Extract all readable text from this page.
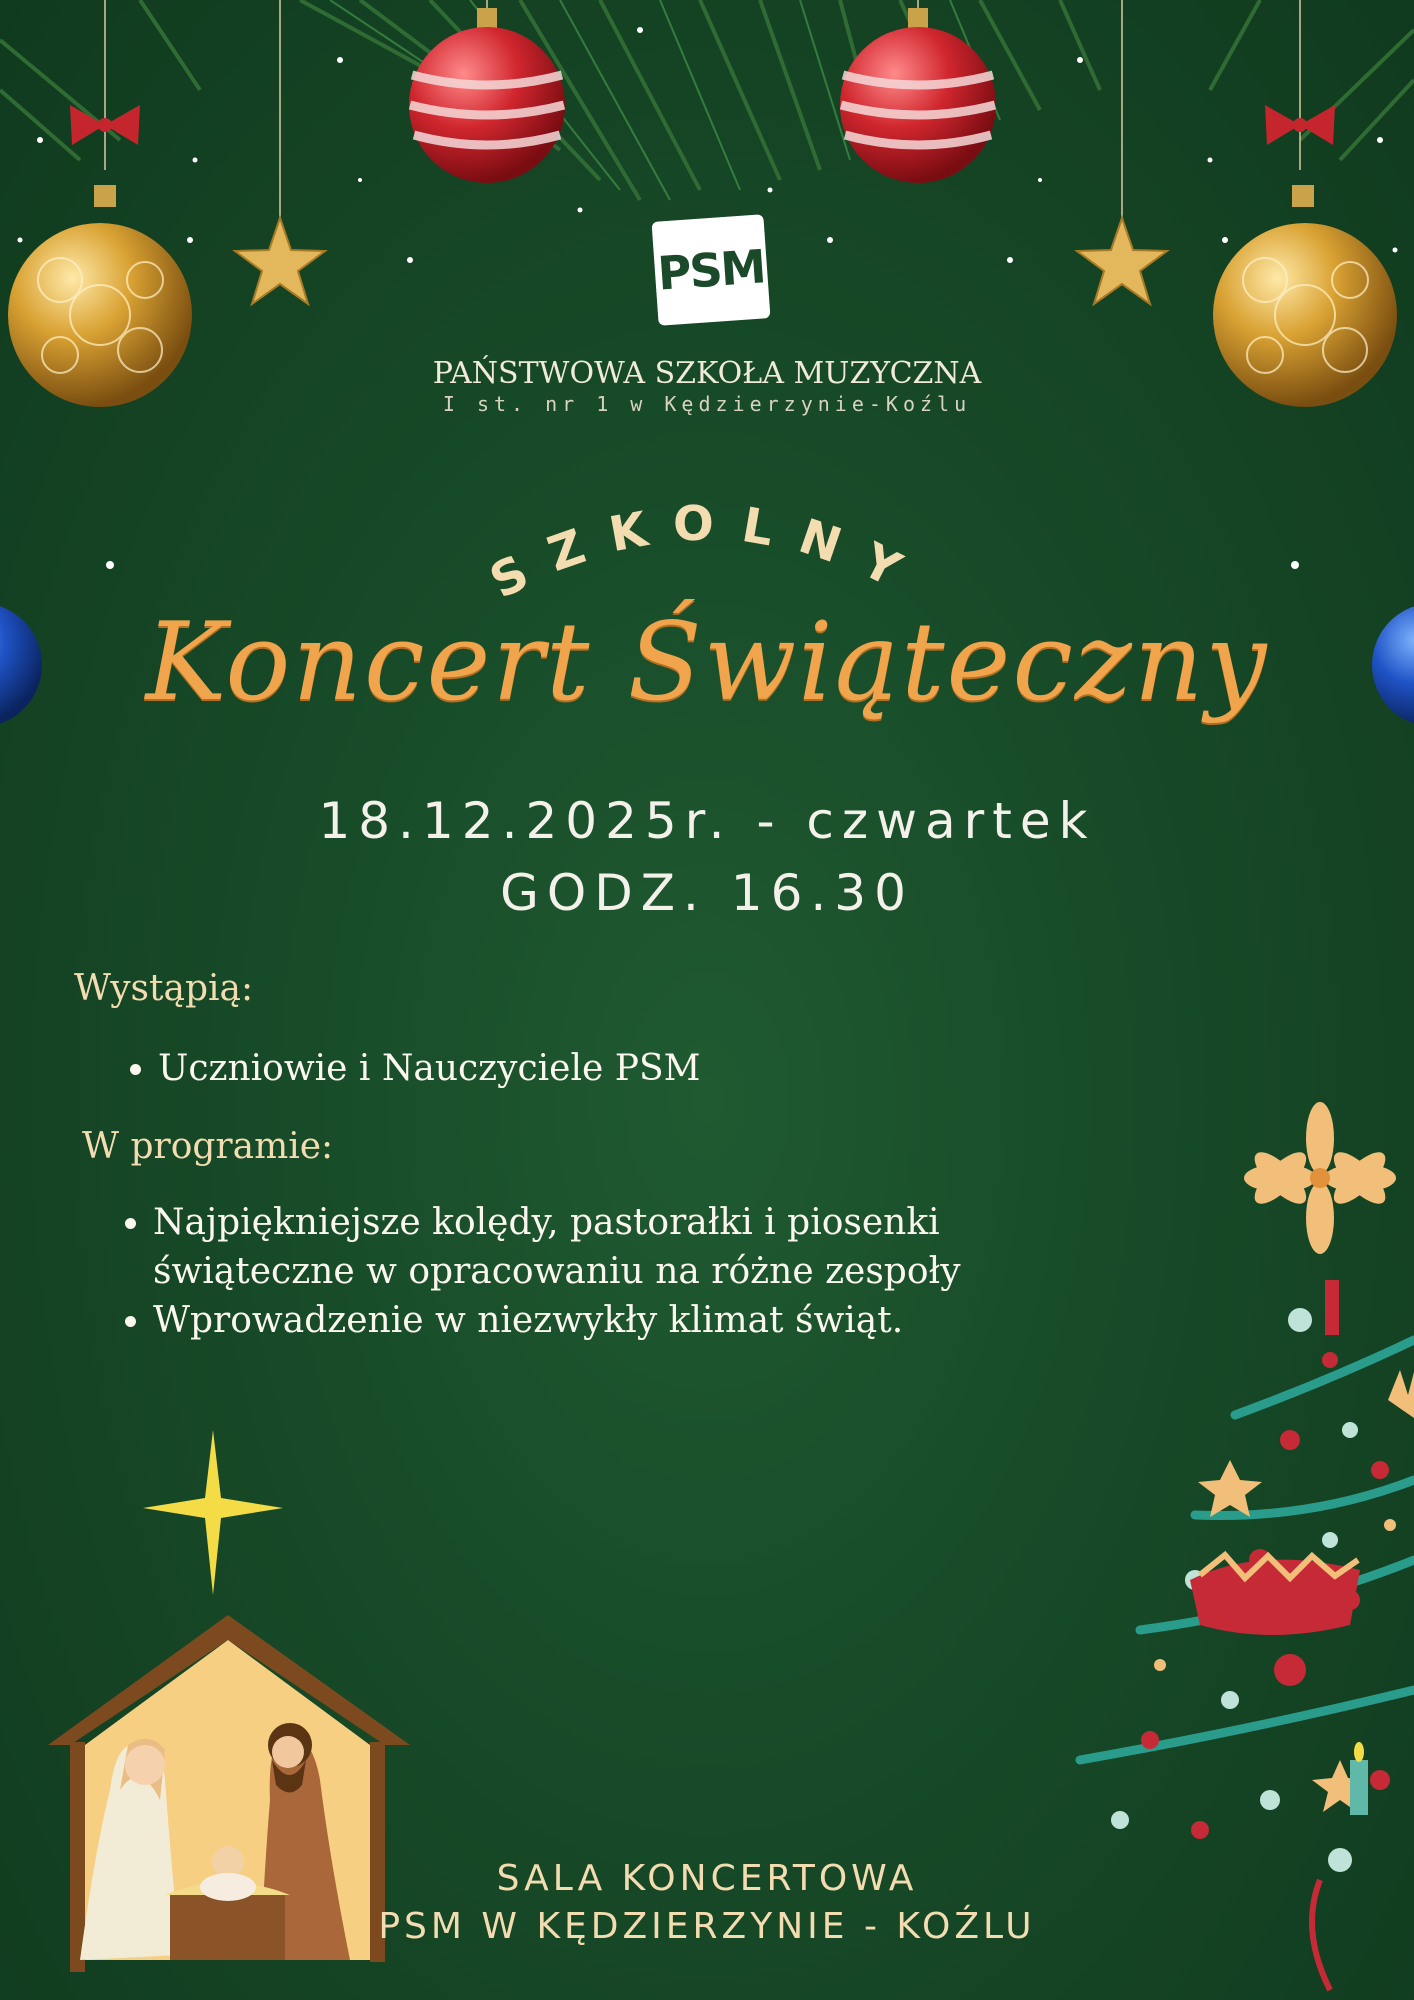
PSM
PAŃSTWOWA SZKOŁA MUZYCZNA
I st. nr 1 w Kędzierzynie-Koźlu
SZKOLNY
Koncert Świąteczny
18.12.2025r. - czwartek
GODZ. 16.30
Wystąpią:
• Uczniowie i Nauczyciele PSM
W programie:
• Najpiękniejsze kolędy, pastorałki i piosenki świąteczne w opracowaniu na różne zespoły
• Wprowadzenie w niezwykły klimat świąt.
SALA KONCERTOWA
PSM W KĘDZIERZYNIE - KOŹLU
